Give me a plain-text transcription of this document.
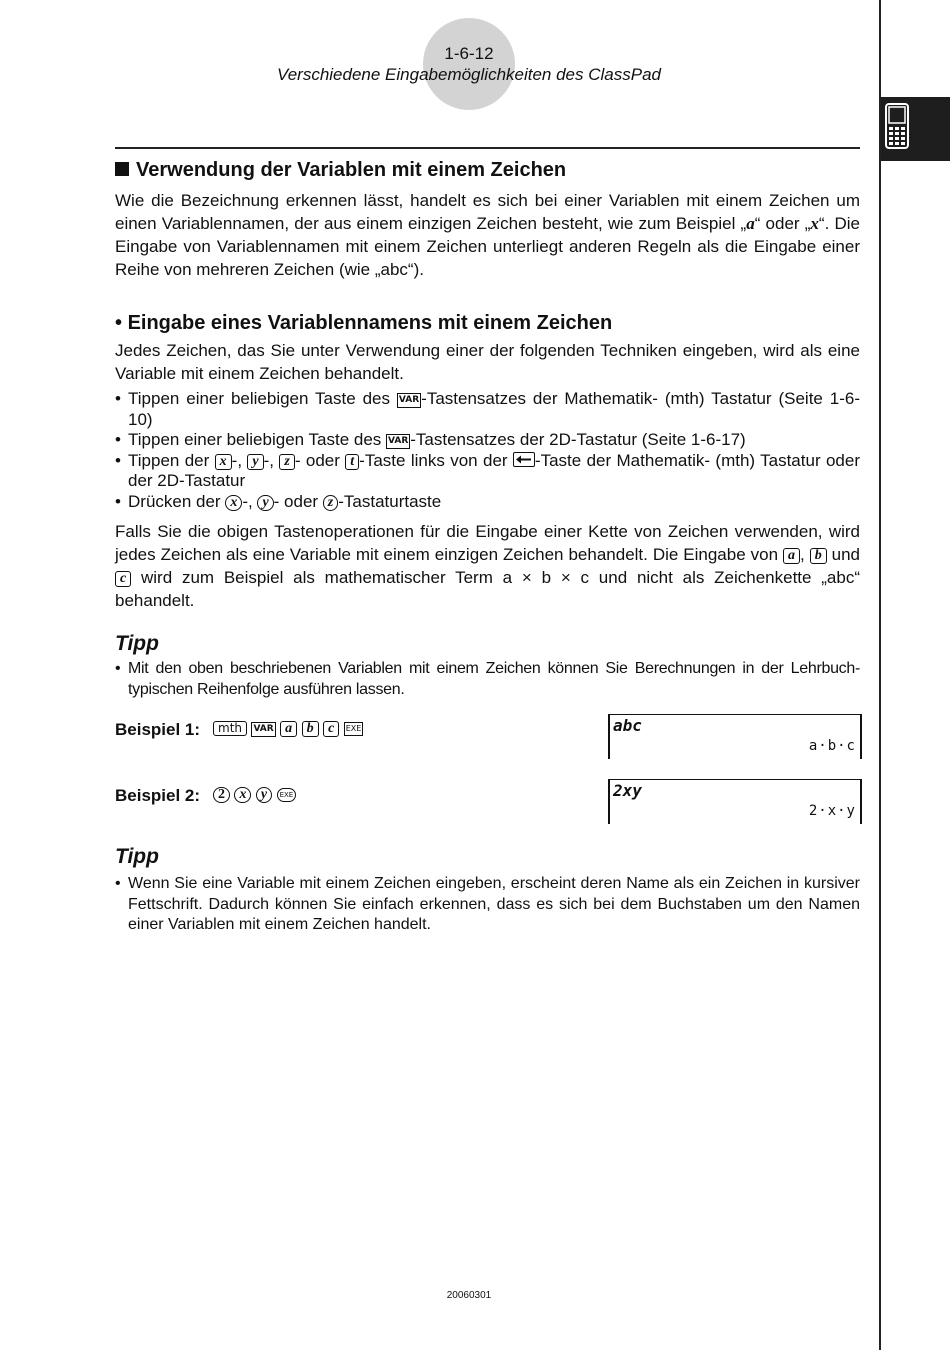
1-6-12
Verschiedene Eingabemöglichkeiten des ClassPad

Verwendung der Variablen mit einem Zeichen

Wie die Bezeichnung erkennen lässt, handelt es sich bei einer Variablen mit einem Zeichen um einen Variablennamen, der aus einem einzigen Zeichen besteht, wie zum Beispiel „a“ oder „x“. Die Eingabe von Variablennamen mit einem Zeichen unterliegt anderen Regeln als die Eingabe einer Reihe von mehreren Zeichen (wie „abc“).

• Eingabe eines Variablennamens mit einem Zeichen

Jedes Zeichen, das Sie unter Verwendung einer der folgenden Techniken eingeben, wird als eine Variable mit einem Zeichen behandelt.

• Tippen einer beliebigen Taste des VAR -Tastensatzes der Mathematik- (mth) Tastatur (Seite 1-6-10)
• Tippen einer beliebigen Taste des VAR -Tastensatzes der 2D-Tastatur (Seite 1-6-17)
• Tippen der x -, y -, z - oder t -Taste links von der
-Taste der Mathematik- (mth) Tastatur oder der 2D-Tastatur
• Drücken der x -, y - oder z -Tastaturtaste

Falls Sie die obigen Tastenoperationen für die Eingabe einer Kette von Zeichen verwenden, wird jedes Zeichen als eine Variable mit einem einzigen Zeichen behandelt. Die Eingabe von a , b und c wird zum Beispiel als mathematischer Term a × b × c und nicht als Zeichenkette „abc“ behandelt.

Tipp

• Mit den oben beschriebenen Variablen mit einem Zeichen können Sie Berechnungen in der Lehrbuch-typischen Reihenfolge ausführen lassen.
Beispiel 1:	mth VAR a b c EXE	abc
a·b·c
Beispiel 2:	2 x y EXE	2xy
2·x·y

Tipp

• Wenn Sie eine Variable mit einem Zeichen eingeben, erscheint deren Name als ein Zeichen in kursiver Fettschrift. Dadurch können Sie einfach erkennen, dass es sich bei dem Buchstaben um den Namen einer Variablen mit einem Zeichen handelt.
20060301
